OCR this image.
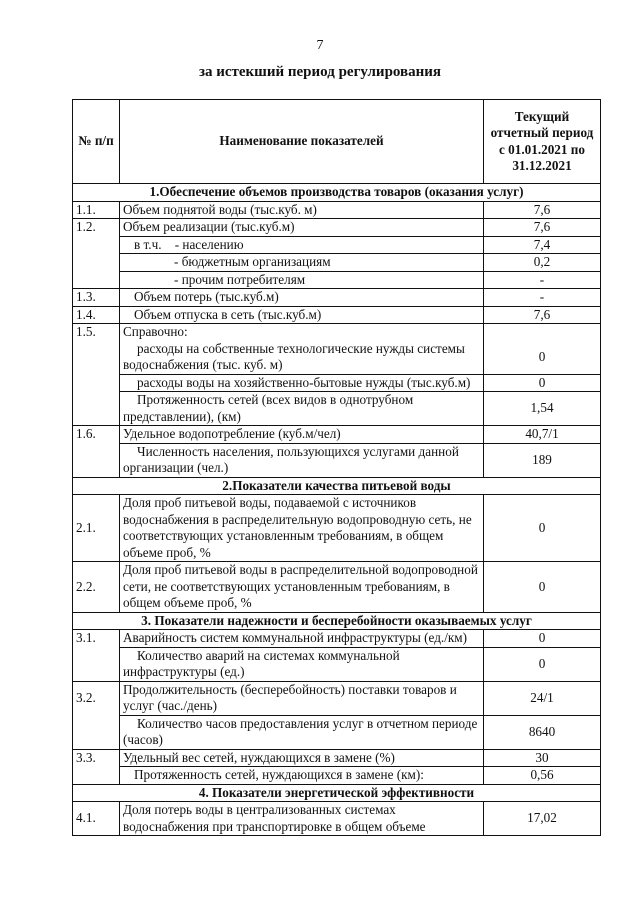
7
за истекший период регулирования
№ п/п	Наименование показателей	Текущий отчетный период с 01.01.2021 по 31.12.2021
1.Обеспечение объемов производства товаров (оказания услуг)		
1.1.	Объем поднятой воды (тыс.куб. м)	7,6
1.2.	Объем реализации (тыс.куб.м)	7,6
	в т.ч.    - населению	7,4
	- бюджетным организациям	0,2
	- прочим потребителям	-
1.3.	Объем потерь (тыс.куб.м)	-
1.4.	Объем отпуска в сеть (тыс.куб.м)	7,6
1.5.	Справочно:	
	расходы на собственные технологические нужды системы водоснабжения (тыс. куб. м)	0
	расходы воды на хозяйственно-бытовые нужды (тыс.куб.м)	0
	Протяженность сетей (всех видов в однотрубном представлении), (км)	1,54
1.6.	Удельное водопотребление (куб.м/чел)	40,7/1
	Численность населения, пользующихся услугами данной организации (чел.)	189
2.Показатели качества питьевой воды		
2.1.	Доля проб питьевой воды, подаваемой с источников водоснабжения в распределительную водопроводную сеть, не соответствующих установленным требованиям, в общем объеме проб, %	0
2.2.	Доля проб питьевой воды в распределительной водопроводной сети, не соответствующих установленным требованиям, в общем объеме проб, %	0
3. Показатели надежности и бесперебойности оказываемых услуг		
3.1.	Аварийность систем коммунальной инфраструктуры (ед./км)	0
	Количество аварий на системах коммунальной инфраструктуры (ед.)	0
3.2.	Продолжительность (бесперебойность) поставки товаров и услуг (час./день)	24/1
	Количество часов предоставления услуг в отчетном периоде (часов)	8640
3.3.	Удельный вес сетей, нуждающихся в замене (%)	30
	Протяженность сетей, нуждающихся в замене (км):	0,56
4. Показатели энергетической эффективности		
4.1.	Доля потерь воды в централизованных системах водоснабжения при транспортировке в общем объеме	17,02
